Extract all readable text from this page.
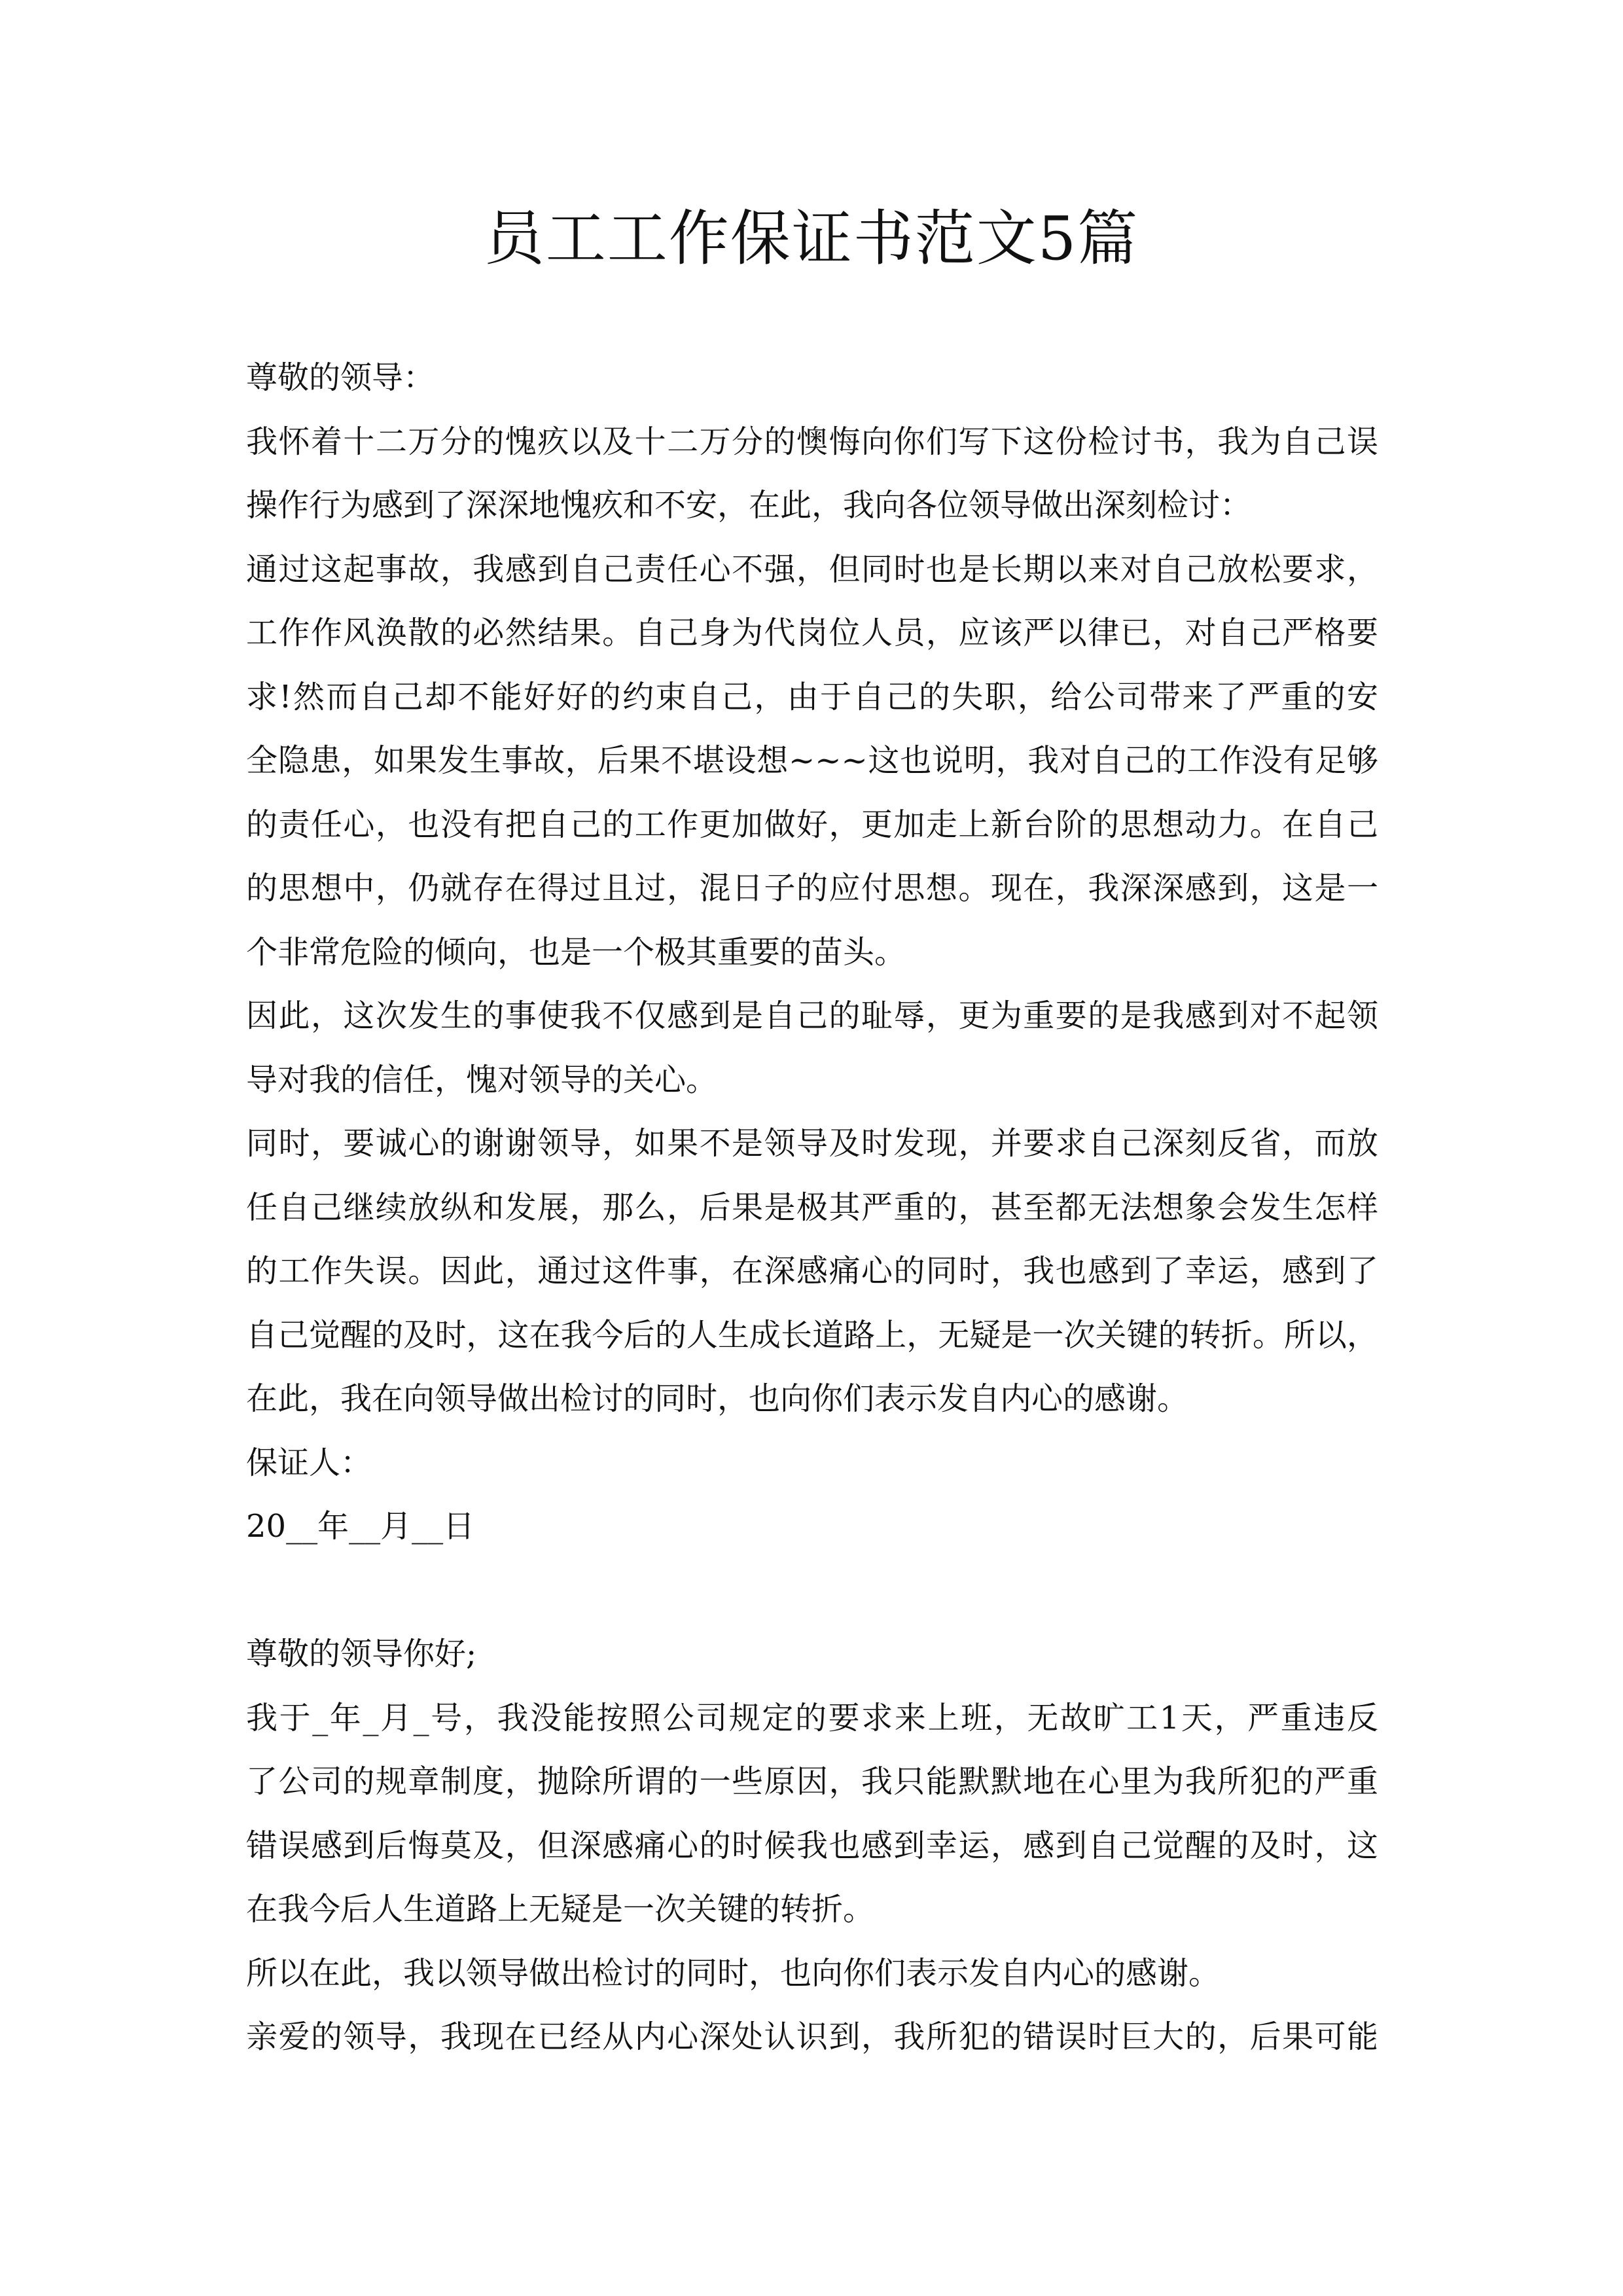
员工工作保证书范文5篇
尊敬的领导：
我怀着十二万分的愧疚以及十二万分的懊悔向你们写下这份检讨书，我为自己误
操作行为感到了深深地愧疚和不安，在此，我向各位领导做出深刻检讨：
通过这起事故，我感到自己责任心不强，但同时也是长期以来对自己放松要求，
工作作风涣散的必然结果。自己身为代岗位人员，应该严以律已，对自己严格要
求!然而自己却不能好好的约束自己，由于自己的失职，给公司带来了严重的安
全隐患，如果发生事故，后果不堪设想~~~这也说明，我对自己的工作没有足够
的责任心，也没有把自己的工作更加做好，更加走上新台阶的思想动力。在自己
的思想中，仍就存在得过且过，混日子的应付思想。现在，我深深感到，这是一
个非常危险的倾向，也是一个极其重要的苗头。
因此，这次发生的事使我不仅感到是自己的耻辱，更为重要的是我感到对不起领
导对我的信任，愧对领导的关心。
同时，要诚心的谢谢领导，如果不是领导及时发现，并要求自己深刻反省，而放
任自己继续放纵和发展，那么，后果是极其严重的，甚至都无法想象会发生怎样
的工作失误。因此，通过这件事，在深感痛心的同时，我也感到了幸运，感到了
自己觉醒的及时，这在我今后的人生成长道路上，无疑是一次关键的转折。所以，
在此，我在向领导做出检讨的同时，也向你们表示发自内心的感谢。
保证人：
20__年__月__日
尊敬的领导你好;
我于_年_月_号，我没能按照公司规定的要求来上班，无故旷工1天，严重违反
了公司的规章制度，抛除所谓的一些原因，我只能默默地在心里为我所犯的严重
错误感到后悔莫及，但深感痛心的时候我也感到幸运，感到自己觉醒的及时，这
在我今后人生道路上无疑是一次关键的转折。
所以在此，我以领导做出检讨的同时，也向你们表示发自内心的感谢。
亲爱的领导，我现在已经从内心深处认识到，我所犯的错误时巨大的，后果可能
